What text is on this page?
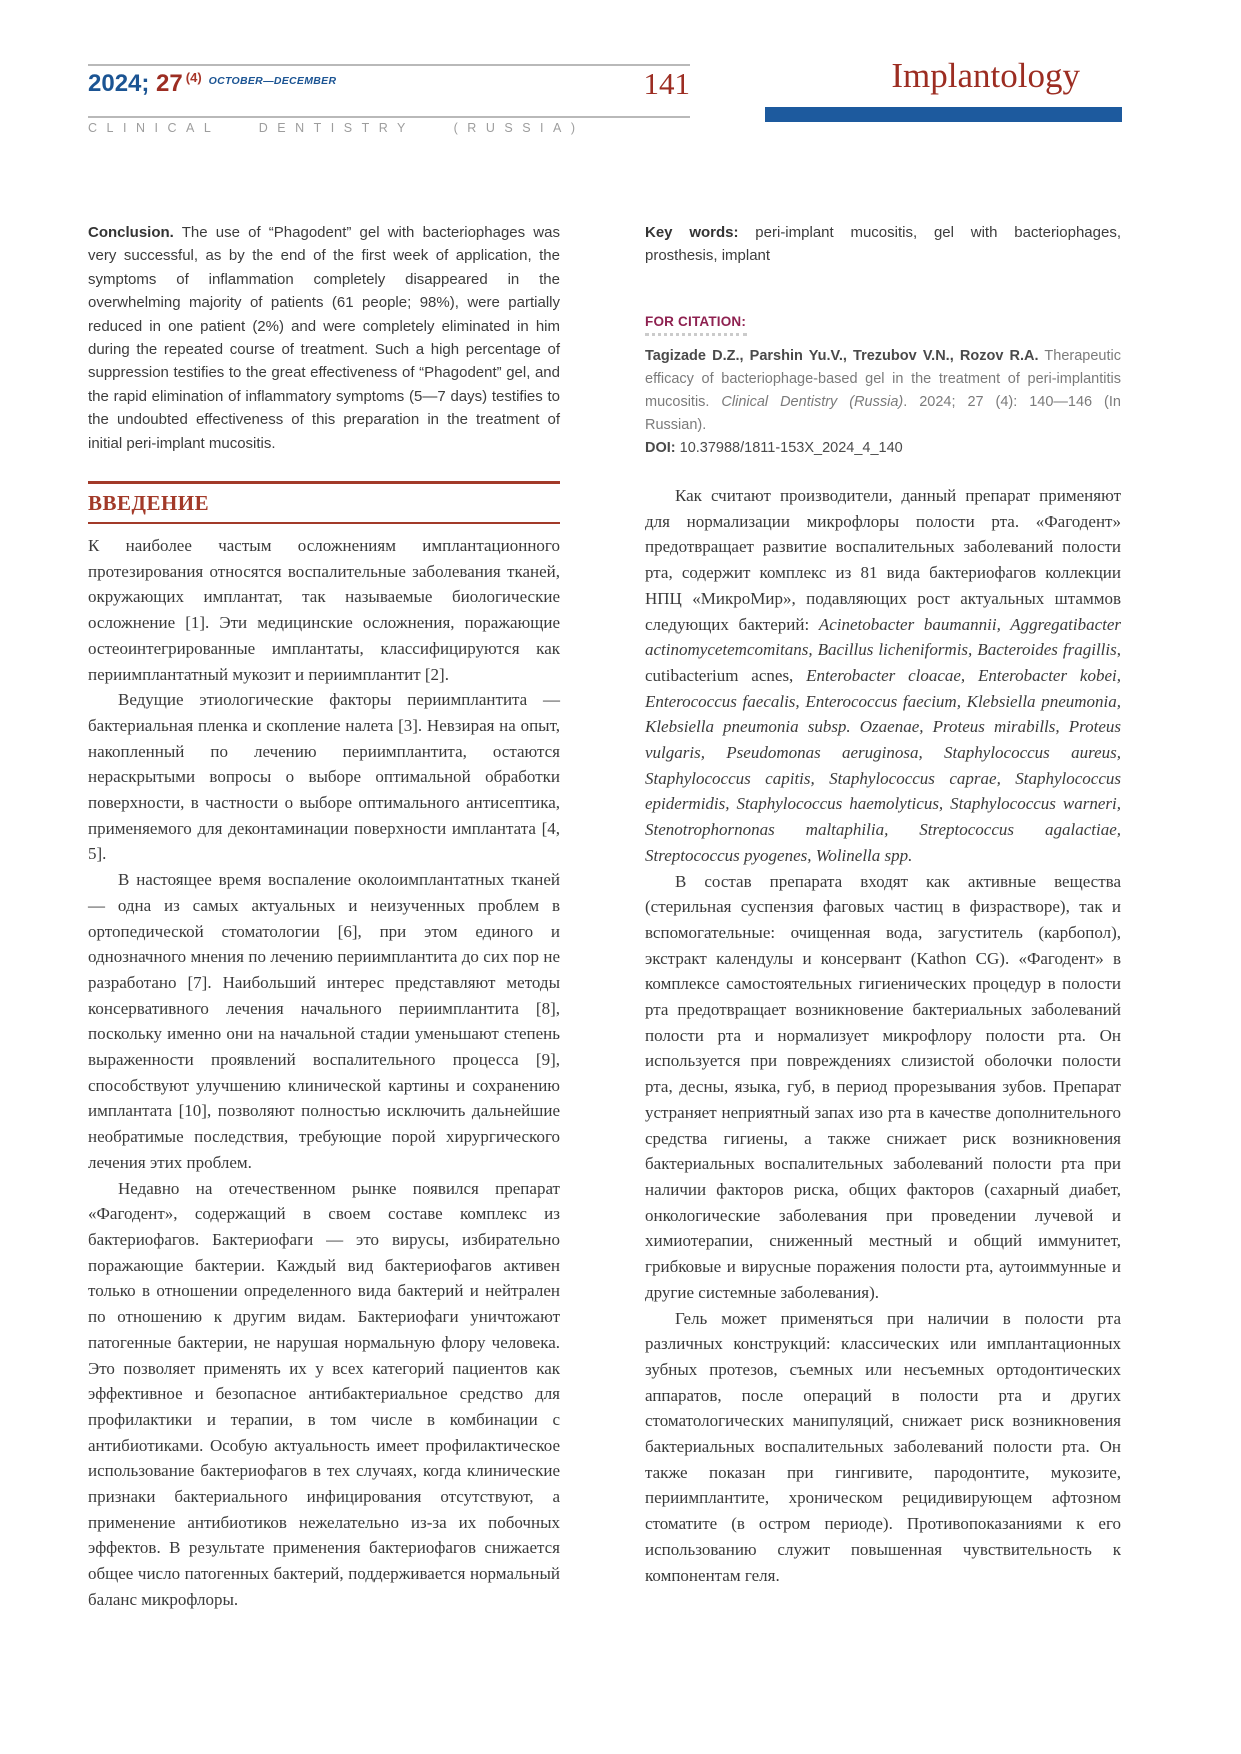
2024; 27 $^{(4)}$ $^{OCTOBER—DECEMBER}$	141
CLINICAL DENTISTRY (RUSSIA)
Implantology

Conclusion. The use of “Phagodent” gel with bacteriophages was very successful, as by the end of the first week of application, the symptoms of inflammation completely disappeared in the overwhelming majority of patients (61 people; 98%), were partially reduced in one patient (2%) and were completely eliminated in him during the repeated course of treatment. Such a high percentage of suppression testifies to the great effectiveness of “Phagodent” gel, and the rapid elimination of inflammatory symptoms (5—7 days) testifies to the undoubted effectiveness of this preparation in the treatment of initial peri-implant mucositis.

Key words: peri-implant mucositis, gel with bacteriophages, prosthesis, implant

FOR CITATION:

Tagizade D.Z., Parshin Yu.V., Trezubov V.N., Rozov R.A. Therapeutic efficacy of bacteriophage-based gel in the treatment of peri-implantitis mucositis. Clinical Dentistry (Russia). 2024; 27 (4): 140—146 (In Russian).

DOI: 10.37988/1811-153X_2024_4_140

ВВЕДЕНИЕ

К наиболее частым осложнениям имплантационного протезирования относятся воспалительные заболевания тканей, окружающих имплантат, так называемые биологические осложнение [1]. Эти медицинские осложнения, поражающие остеоинтегрированные имплантаты, классифицируются как периимплантатный мукозит и периимплантит [2].

Ведущие этиологические факторы периимплантита — бактериальная пленка и скопление налета [3]. Невзирая на опыт, накопленный по лечению периимплантита, остаются нераскрытыми вопросы о выборе оптимальной обработки поверхности, в частности о выборе оптимального антисептика, применяемого для деконтаминации поверхности имплантата [4, 5].

В настоящее время воспаление околоимплантатных тканей — одна из самых актуальных и неизученных проблем в ортопедической стоматологии [6], при этом единого и однозначного мнения по лечению периимплантита до сих пор не разработано [7]. Наибольший интерес представляют методы консервативного лечения начального периимплантита [8], поскольку именно они на начальной стадии уменьшают степень выраженности проявлений воспалительного процесса [9], способствуют улучшению клинической картины и сохранению имплантата [10], позволяют полностью исключить дальнейшие необратимые последствия, требующие порой хирургического лечения этих проблем.

Недавно на отечественном рынке появился препарат «Фагодент», содержащий в своем составе комплекс из бактериофагов. Бактериофаги — это вирусы, избирательно поражающие бактерии. Каждый вид бактериофагов активен только в отношении определенного вида бактерий и нейтрален по отношению к другим видам. Бактериофаги уничтожают патогенные бактерии, не нарушая нормальную флору человека. Это позволяет применять их у всех категорий пациентов как эффективное и безопасное антибактериальное средство для профилактики и терапии, в том числе в комбинации с антибиотиками. Особую актуальность имеет профилактическое использование бактериофагов в тех случаях, когда клинические признаки бактериального инфицирования отсутствуют, а применение антибиотиков нежелательно из-за их побочных эффектов. В результате применения бактериофагов снижается общее число патогенных бактерий, поддерживается нормальный баланс микрофлоры.

Как считают производители, данный препарат применяют для нормализации микрофлоры полости рта. «Фагодент» предотвращает развитие воспалительных заболеваний полости рта, содержит комплекс из 81 вида бактериофагов коллекции НПЦ «МикроМир», подавляющих рост актуальных штаммов следующих бактерий: Acinetobacter baumannii, Aggregatibacter actinomycetemcomitans, Bacillus licheniformis, Bacteroides fragillis, cutibacterium acnes, Enterobacter cloacae, Enterobacter kobei, Enterococcus faecalis, Enterococcus faecium, Klebsiella pneumonia, Klebsiella pneumonia subsp. Ozaenae, Proteus mirabills, Proteus vulgaris, Pseudomonas aeruginosa, Staphylococcus aureus, Staphylococcus capitis, Staphylococcus caprae, Staphylococcus epidermidis, Staphylococcus haemolyticus, Staphylococcus warneri, Stenotrophornonas maltaphilia, Streptococcus agalactiae, Streptococcus pyogenes, Wolinella spp.

В состав препарата входят как активные вещества (стерильная суспензия фаговых частиц в физрастворе), так и вспомогательные: очищенная вода, загуститель (карбопол), экстракт календулы и консервант (Kathon CG). «Фагодент» в комплексе самостоятельных гигиенических процедур в полости рта предотвращает возникновение бактериальных заболеваний полости рта и нормализует микрофлору полости рта. Он используется при повреждениях слизистой оболочки полости рта, десны, языка, губ, в период прорезывания зубов. Препарат устраняет неприятный запах изо рта в качестве дополнительного средства гигиены, а также снижает риск возникновения бактериальных воспалительных заболеваний полости рта при наличии факторов риска, общих факторов (сахарный диабет, онкологические заболевания при проведении лучевой и химиотерапии, сниженный местный и общий иммунитет, грибковые и вирусные поражения полости рта, аутоиммунные и другие системные заболевания).

Гель может применяться при наличии в полости рта различных конструкций: классических или имплантационных зубных протезов, съемных или несъемных ортодонтических аппаратов, после операций в полости рта и других стоматологических манипуляций, снижает риск возникновения бактериальных воспалительных заболеваний полости рта. Он также показан при гингивите, пародонтите, мукозите, периимплантите, хроническом рецидивирующем афтозном стоматите (в остром периоде). Противопоказаниями к его использованию служит повышенная чувствительность к компонентам геля.
